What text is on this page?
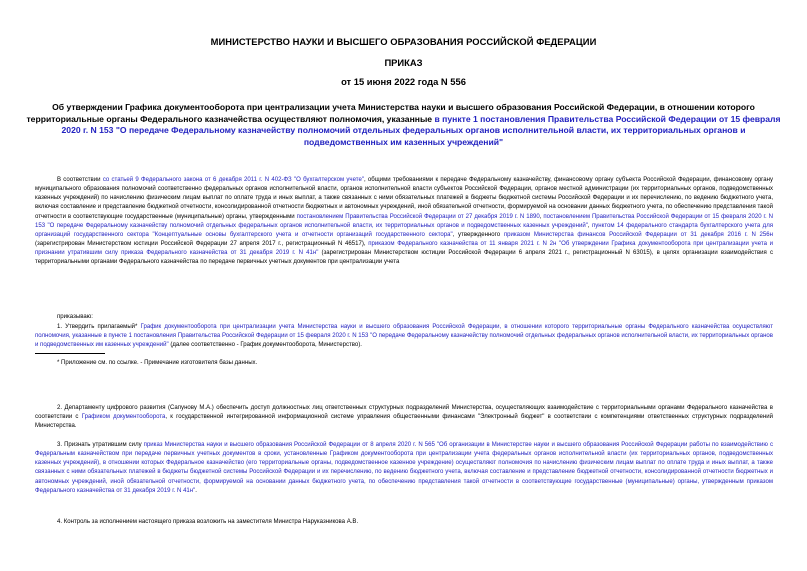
МИНИСТЕРСТВО НАУКИ И ВЫСШЕГО ОБРАЗОВАНИЯ РОССИЙСКОЙ ФЕДЕРАЦИИ
ПРИКАЗ
от 15 июня 2022 года N 556
Об утверждении Графика документооборота при централизации учета Министерства науки и высшего образования Российской Федерации, в отношении которого территориальные органы Федерального казначейства осуществляют полномочия, указанные в пункте 1 постановления Правительства Российской Федерации от 15 февраля 2020 г. N 153 "О передаче Федеральному казначейству полномочий отдельных федеральных органов исполнительной власти, их территориальных органов и подведомственных им казенных учреждений"

В соответствии со статьей 9 Федерального закона от 6 декабря 2011 г. N 402-ФЗ "О бухгалтерском учете", общими требованиями к передаче Федеральному казначейству, финансовому органу субъекта Российской Федерации, финансовому органу муниципального образования полномочий соответственно федеральных органов исполнительной власти, органов исполнительной власти субъектов Российской Федерации, органов местной администрации (их территориальных органов, подведомственных казенных учреждений) по начислению физическим лицам выплат по оплате труда и иных выплат, а также связанных с ними обязательных платежей в бюджеты бюджетной системы Российской Федерации и их перечислению, по ведению бюджетного учета, включая составление и представление бюджетной отчетности, консолидированной отчетности бюджетных и автономных учреждений, иной обязательной отчетности, формируемой на основании данных бюджетного учета, по обеспечению представления такой отчетности в соответствующие государственные (муниципальные) органы, утвержденными постановлением Правительства Российской Федерации от 27 декабря 2019 г. N 1890, постановлением Правительства Российской Федерации от 15 февраля 2020 г. N 153 "О передаче Федеральному казначейству полномочий отдельных федеральных органов исполнительной власти, их территориальных органов и подведомственных казенных учреждений", пунктом 14 федерального стандарта бухгалтерского учета для организаций государственного сектора "Концептуальные основы бухгалтерского учета и отчетности организаций государственного сектора", утвержденного приказом Министерства финансов Российской Федерации от 31 декабря 2016 г. N 256н (зарегистрирован Министерством юстиции Российской Федерации 27 апреля 2017 г., регистрационный N 46517), приказом Федерального казначейства от 11 января 2021 г. N 2н "Об утверждении Графика документооборота при централизации учета и признании утратившим силу приказа Федерального казначейства от 31 декабря 2019 г. N 41н" (зарегистрирован Министерством юстиции Российской Федерации 6 апреля 2021 г., регистрационный N 63015), в целях организации взаимодействия с территориальными органами Федерального казначейства по передаче первичных учетных документов при централизации учета

приказываю:

1. Утвердить прилагаемый* График документооборота при централизации учета Министерства науки и высшего образования Российской Федерации, в отношении которого территориальные органы Федерального казначейства осуществляют полномочия, указанные в пункте 1 постановления Правительства Российской Федерации от 15 февраля 2020 г. N 153 "О передаче Федеральному казначейству полномочий отдельных федеральных органов исполнительной власти, их территориальных органов и подведомственных им казенных учреждений" (далее соответственно - График документооборота, Министерство).

* Приложение см. по ссылке. - Примечание изготовителя базы данных.

2. Департаменту цифрового развития (Сапунову М.А.) обеспечить доступ должностных лиц ответственных структурных подразделений Министерства, осуществляющих взаимодействие с территориальными органами Федерального казначейства в соответствии с Графиком документооборота, к государственной интегрированной информационной системе управления общественными финансами "Электронный бюджет" в соответствии с компетенциями ответственных структурных подразделений Министерства.

3. Признать утратившим силу приказ Министерства науки и высшего образования Российской Федерации от 8 апреля 2020 г. N 565 "Об организации в Министерстве науки и высшего образования Российской Федерации работы по взаимодействию с Федеральным казначейством при передаче первичных учетных документов в сроки, установленные Графиком документооборота при централизации учета федеральных органов исполнительной власти (их территориальных органов, подведомственных казенных учреждений), в отношении которых Федеральное казначейство (его территориальные органы, подведомственное казенное учреждение) осуществляют полномочия по начислению физическим лицам выплат по оплате труда и иных выплат, а также связанных с ними обязательных платежей в бюджеты бюджетной системы Российской Федерации и их перечислению, по ведению бюджетного учета, включая составление и представление бюджетной отчетности, консолидированной отчетности бюджетных и автономных учреждений, иной обязательной отчетности, формируемой на основании данных бюджетного учета, по обеспечению представления такой отчетности в соответствующие государственные (муниципальные) органы, утвержденным приказом Федерального казначейства от 31 декабря 2019 г. N 41н".

4. Контроль за исполнением настоящего приказа возложить на заместителя Министра Наруказникова А.В.
